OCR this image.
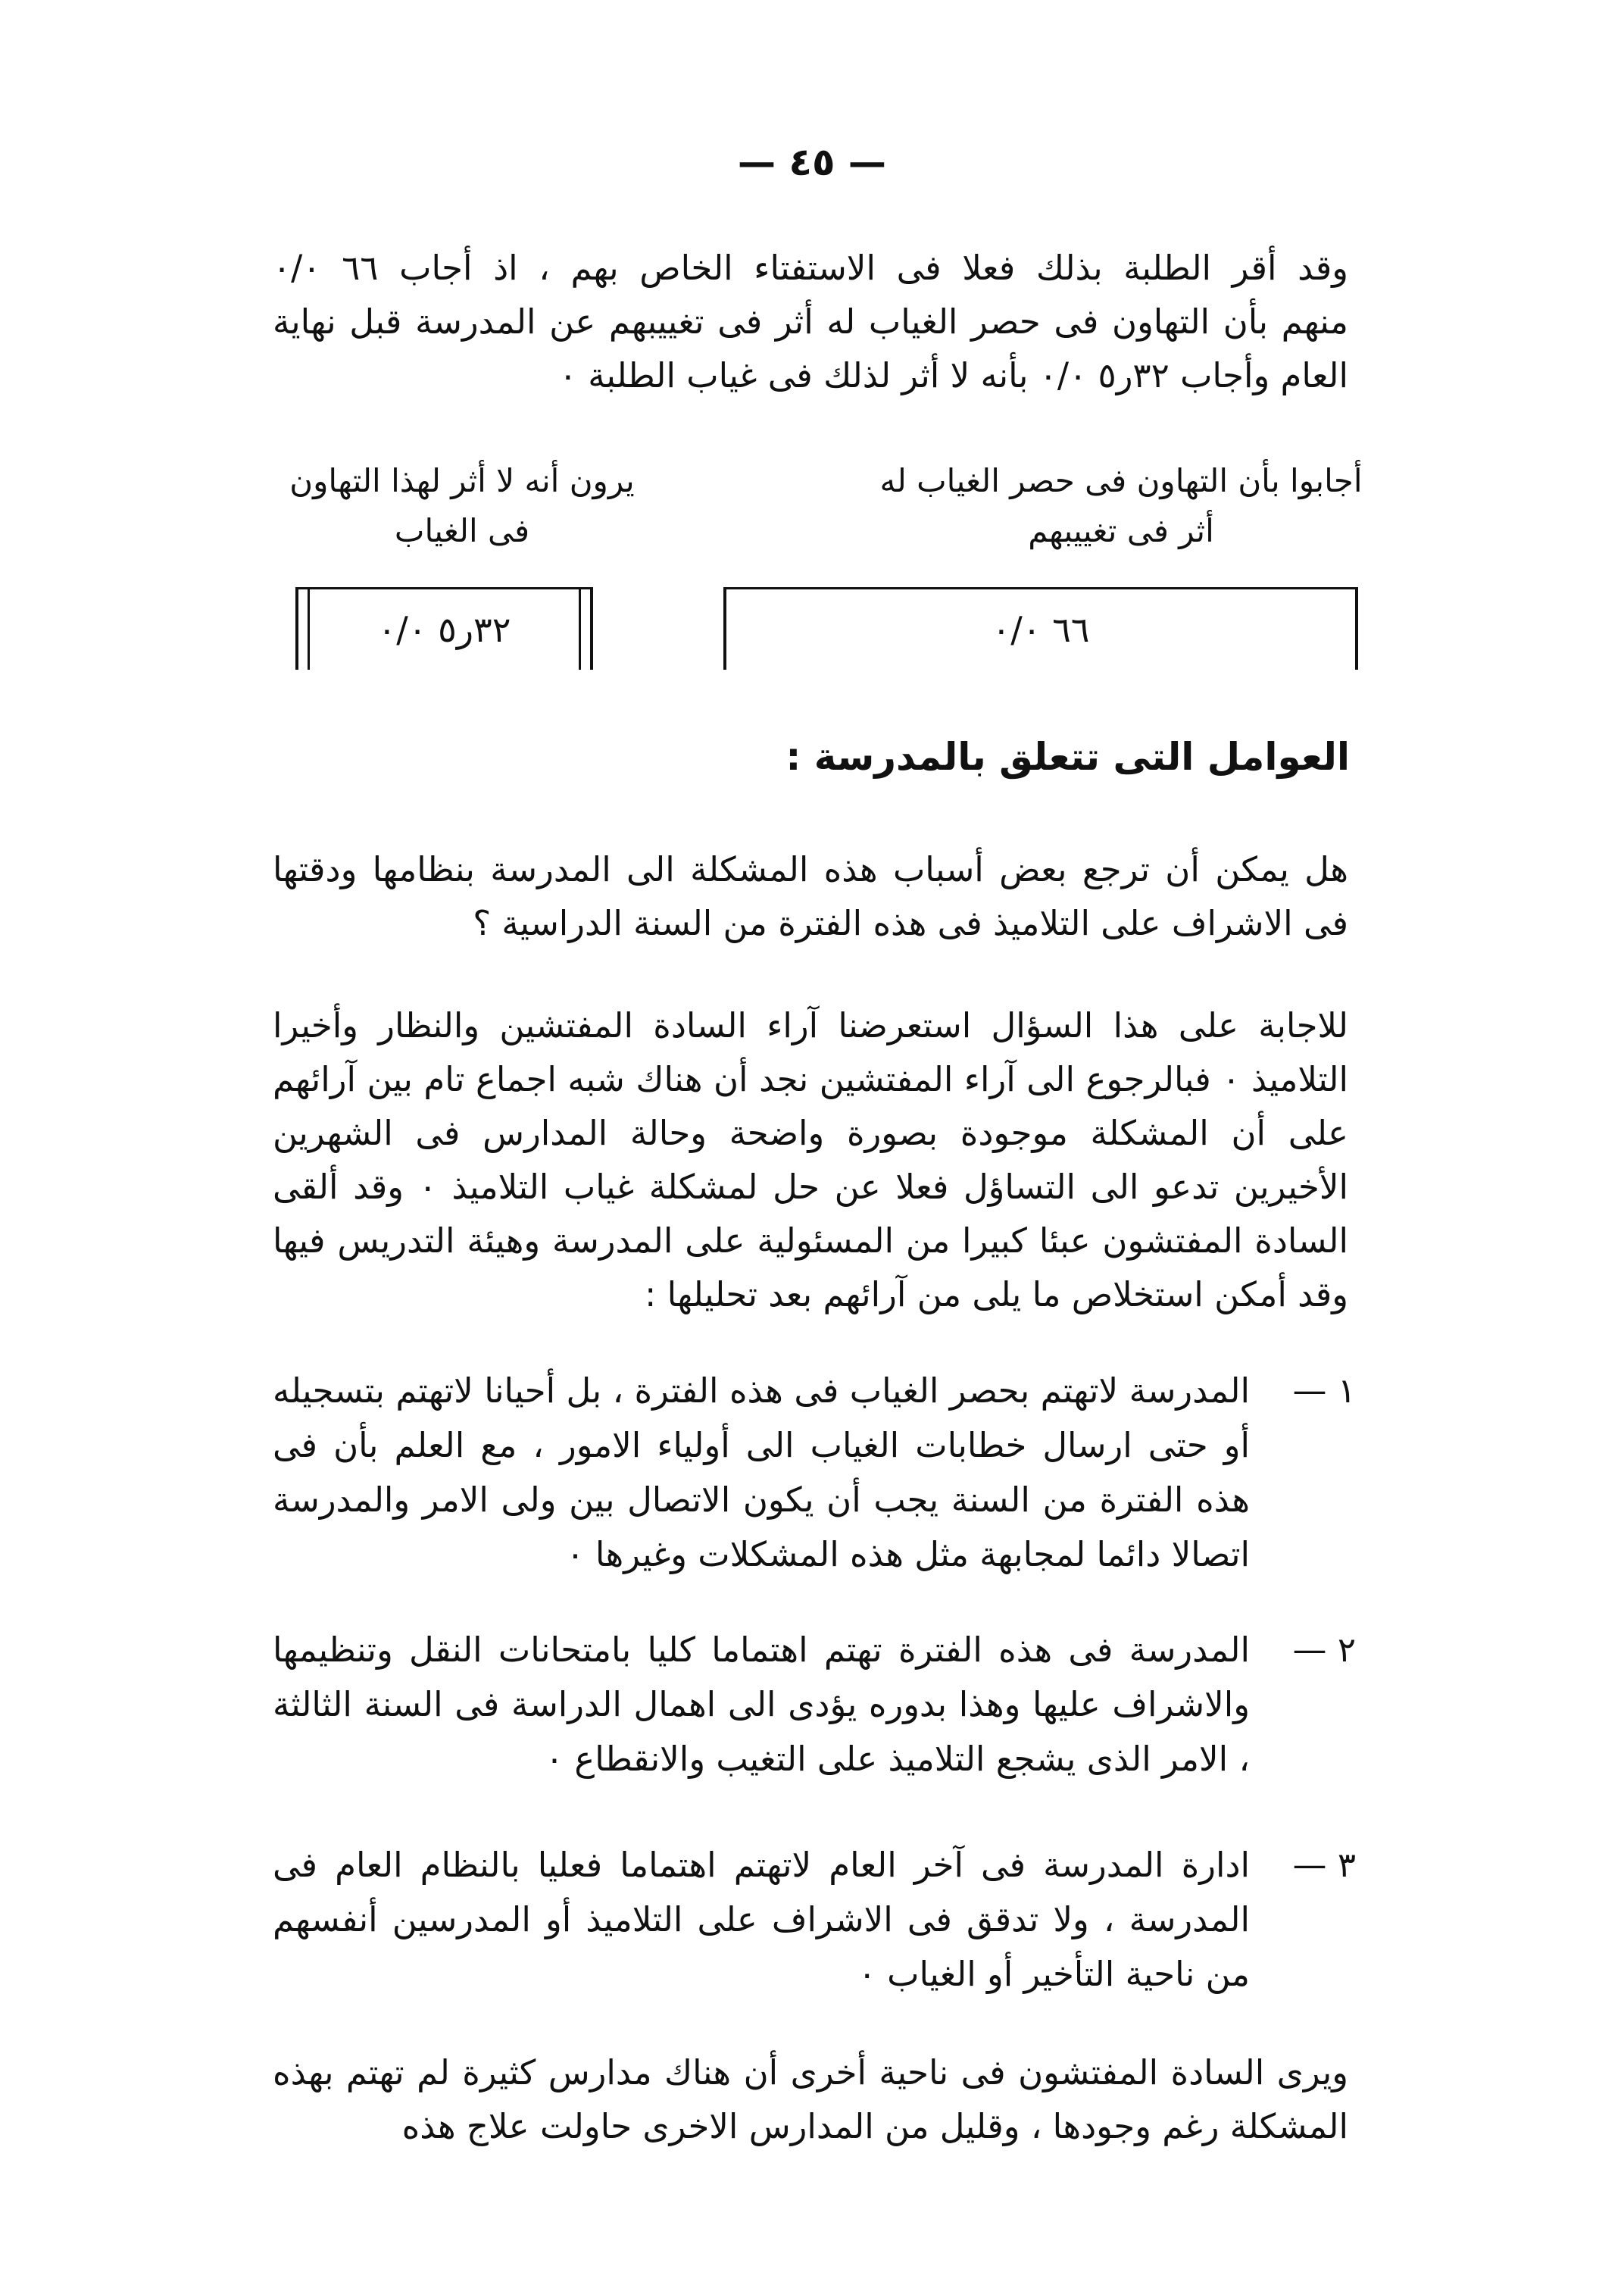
— ٤٥ —
وقد أقر الطلبة بذلك فعلا فى الاستفتاء الخاص بهم ، اذ أجاب ٦٦ ٠/٠
منهم بأن التهاون فى حصر الغياب له أثر فى تغييبهم عن المدرسة قبل نهاية
العام وأجاب ٣٢ر٥ ٠/٠ بأنه لا أثر لذلك فى غياب الطلبة ٠
أجابوا بأن التهاون فى حصر الغياب له أثر فى تغييبهم
يرون أنه لا أثر لهذا التهاون فى الغياب
٦٦ ٠/٠
٣٢ر٥ ٠/٠
العوامل التى تتعلق بالمدرسة :
هل يمكن أن ترجع بعض أسباب هذه المشكلة الى المدرسة بنظامها ودقتها فى الاشراف على التلاميذ فى هذه الفترة من السنة الدراسية ؟
للاجابة على هذا السؤال استعرضنا آراء السادة المفتشين والنظار وأخيرا التلاميذ ٠ فبالرجوع الى آراء المفتشين نجد أن هناك شبه اجماع تام بين آرائهم على أن المشكلة موجودة بصورة واضحة وحالة المدارس فى الشهرين الأخيرين تدعو الى التساؤل فعلا عن حل لمشكلة غياب التلاميذ ٠ وقد ألقى السادة المفتشون عبئا كبيرا من المسئولية على المدرسة وهيئة التدريس فيها وقد أمكن استخلاص ما يلى من آرائهم بعد تحليلها :
١ —
المدرسة لاتهتم بحصر الغياب فى هذه الفترة ، بل أحيانا لاتهتم بتسجيله أو حتى ارسال خطابات الغياب الى أولياء الامور ، مع العلم بأن فى هذه الفترة من السنة يجب أن يكون الاتصال بين ولى الامر والمدرسة اتصالا دائما لمجابهة مثل هذه المشكلات وغيرها ٠
٢ —
المدرسة فى هذه الفترة تهتم اهتماما كليا بامتحانات النقل وتنظيمها والاشراف عليها وهذا بدوره يؤدى الى اهمال الدراسة فى السنة الثالثة ، الامر الذى يشجع التلاميذ على التغيب والانقطاع ٠
٣ —
ادارة المدرسة فى آخر العام لاتهتم اهتماما فعليا بالنظام العام فى المدرسة ، ولا تدقق فى الاشراف على التلاميذ أو المدرسين أنفسهم من ناحية التأخير أو الغياب ٠
ويرى السادة المفتشون فى ناحية أخرى أن هناك مدارس كثيرة لم تهتم بهذه المشكلة رغم وجودها ، وقليل من المدارس الاخرى حاولت علاج هذه
